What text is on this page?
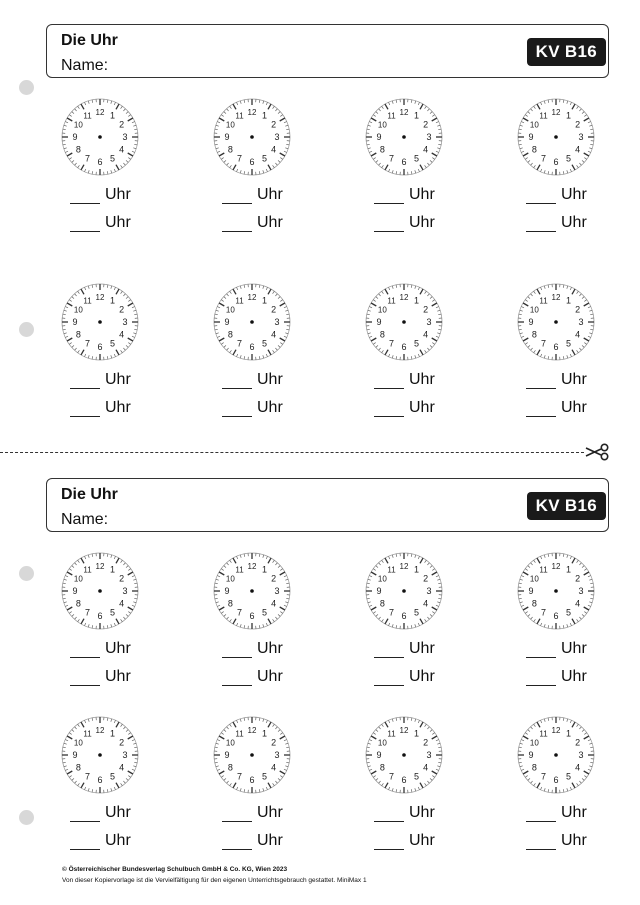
Die Uhr
Name:
KV B16
Die Uhr
Name:
KV B16
12 1
2
3
4
5
6
7
8
9
10
11
Uhr
Uhr
12 1
2
3
4
5
6
7
8
9
10
11
Uhr
Uhr
12 1
2
3
4
5
6
7
8
9
10
11
Uhr
Uhr
12 1
2
3
4
5
6
7
8
9
10
11
Uhr
Uhr
12 1
2
3
4
5
6
7
8
9
10
11
Uhr
Uhr
12 1
2
3
4
5
6
7
8
9
10
11
Uhr
Uhr
12 1
2
3
4
5
6
7
8
9
10
11
Uhr
Uhr
12 1
2
3
4
5
6
7
8
9
10
11
Uhr
Uhr
12 1
2
3
4
5
6
7
8
9
10
11
Uhr
Uhr
12 1
2
3
4
5
6
7
8
9
10
11
Uhr
Uhr
12 1
2
3
4
5
6
7
8
9
10
11
Uhr
Uhr
12 1
2
3
4
5
6
7
8
9
10
11
Uhr
Uhr
12 1
2
3
4
5
6
7
8
9
10
11
Uhr
Uhr
12 1
2
3
4
5
6
7
8
9
10
11
Uhr
Uhr
12 1
2
3
4
5
6
7
8
9
10
11
Uhr
Uhr
12 1
2
3
4
5
6
7
8
9
10
11
Uhr
Uhr
© Österreichischer Bundesverlag Schulbuch GmbH & Co. KG, Wien 2023
Von dieser Kopiervorlage ist die Vervielfältigung für den eigenen Unterrichtsgebrauch gestattet. MiniMax 1
